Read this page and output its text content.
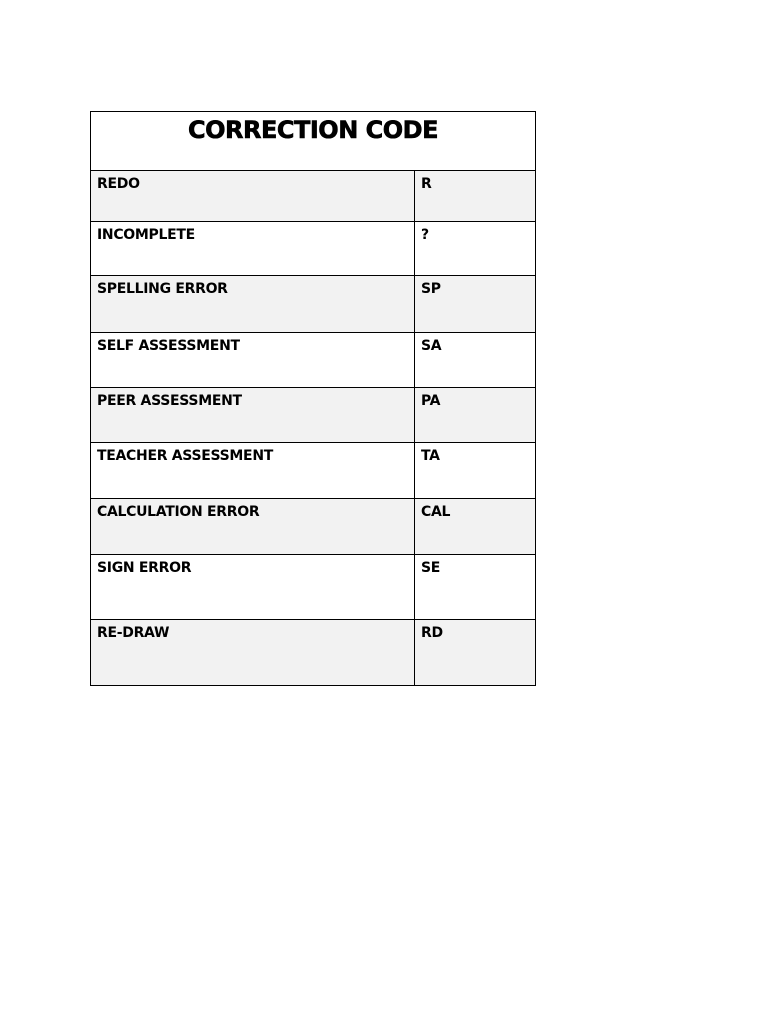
CORRECTION CODE	

REDO	R

INCOMPLETE	?

SPELLING ERROR	SP

SELF ASSESSMENT	SA

PEER ASSESSMENT	PA

TEACHER ASSESSMENT	TA

CALCULATION ERROR	CAL

SIGN ERROR	SE

RE-DRAW	RD
